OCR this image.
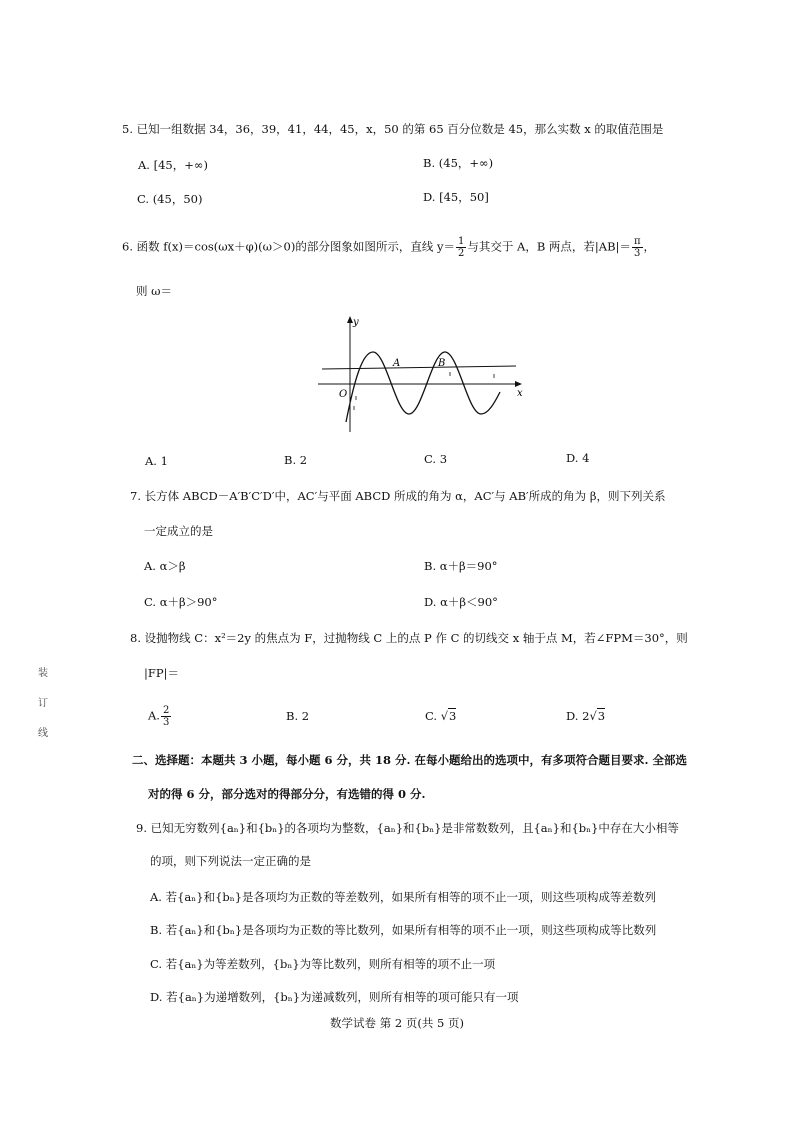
5. 已知一组数据 34，36，39，41，44，45，x，50 的第 65 百分位数是 45，那么实数 x 的取值范围是
A. [45，+∞)	B. (45，+∞)
C. (45，50)	D. [45，50]
6. 函数 f(x)＝cos(ωx＋φ)(ω＞0)的部分图象如图所示，直线 $y= \frac{1}{2}$ 与其交于 A，B 两点，若$|AB|= \frac{\pi}{3}$ ，
则 ω＝
y
x
O
A	B
A. 1	B. 2	C. 3	D. 4
7. 长方体 ABCD－A′B′C′D′中，AC′与平面 ABCD 所成的角为 α，AC′与 AB′所成的角为 β，则下列关系
一定成立的是
A. α＞β	B. α＋β＝90°
C. α＋β＞90°	D. α＋β＜90°
8. 设抛物线 C：x²＝2y 的焦点为 F，过抛物线 C 上的点 P 作 C 的切线交 x 轴于点 M，若∠FPM＝30°，则
|FP|＝
A. $\frac{2}{3}$	B. 2	C. √3	D. 2√3
二、选择题：本题共 3 小题，每小题 6 分，共 18 分. 在每小题给出的选项中，有多项符合题目要求. 全部选
对的得 6 分，部分选对的得部分分，有选错的得 0 分.
9. 已知无穷数列{aₙ}和{bₙ}的各项均为整数，{aₙ}和{bₙ}是非常数数列，且{aₙ}和{bₙ}中存在大小相等
的项，则下列说法一定正确的是
A. 若{aₙ}和{bₙ}是各项均为正数的等差数列，如果所有相等的项不止一项，则这些项构成等差数列
B. 若{aₙ}和{bₙ}是各项均为正数的等比数列，如果所有相等的项不止一项，则这些项构成等比数列
C. 若{aₙ}为等差数列，{bₙ}为等比数列，则所有相等的项不止一项
D. 若{aₙ}为递增数列，{bₙ}为递减数列，则所有相等的项可能只有一项
装
订
线
数学试卷 第 2 页(共 5 页)
